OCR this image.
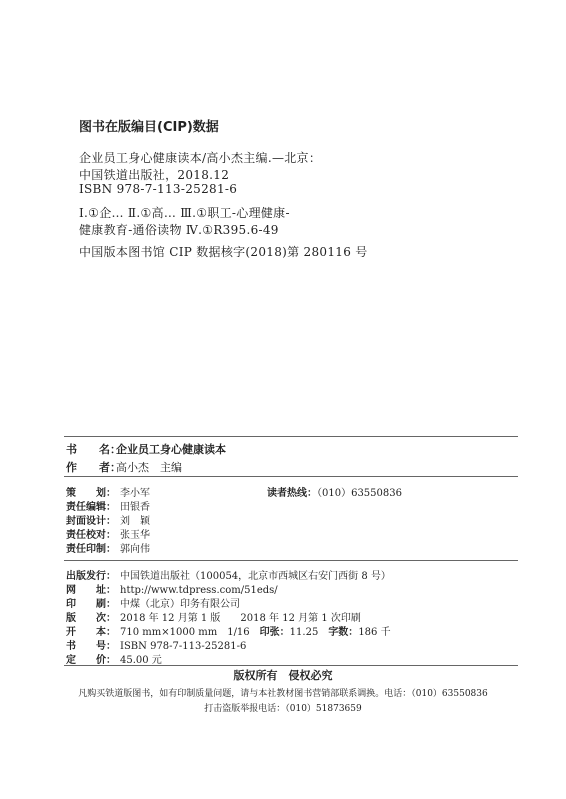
图书在版编目(CIP)数据
企业员工身心健康读本/高小杰主编.—北京：
中国铁道出版社，2018.12
ISBN 978-7-113-25281-6
Ⅰ.①企… Ⅱ.①高… Ⅲ.①职工-心理健康-
健康教育-通俗读物 Ⅳ.①R395.6-49
中国版本图书馆 CIP 数据核字(2018)第 280116 号
书　　名：企业员工身心健康读本
作　　者：高小杰　主编
策　　划： 李小军
责任编辑： 田银香
封面设计： 刘　颖
责任校对： 张玉华
责任印制： 郭向伟
读者热线：（010）63550836
出版发行： 中国铁道出版社（100054，北京市西城区右安门西街 8 号）
网　　址： http://www.tdpress.com/51eds/
印　　刷： 中煤（北京）印务有限公司
版　　次： 2018 年 12 月第 1 版　　2018 年 12 月第 1 次印刷
开　　本： 710 mm×1000 mm　1/16　印张：11.25　字数：186 千
书　　号： ISBN 978-7-113-25281-6
定　　价： 45.00 元
版权所有　侵权必究
凡购买铁道版图书，如有印制质量问题，请与本社教材图书营销部联系调换。电话：（010）63550836
打击盗版举报电话：（010）51873659
